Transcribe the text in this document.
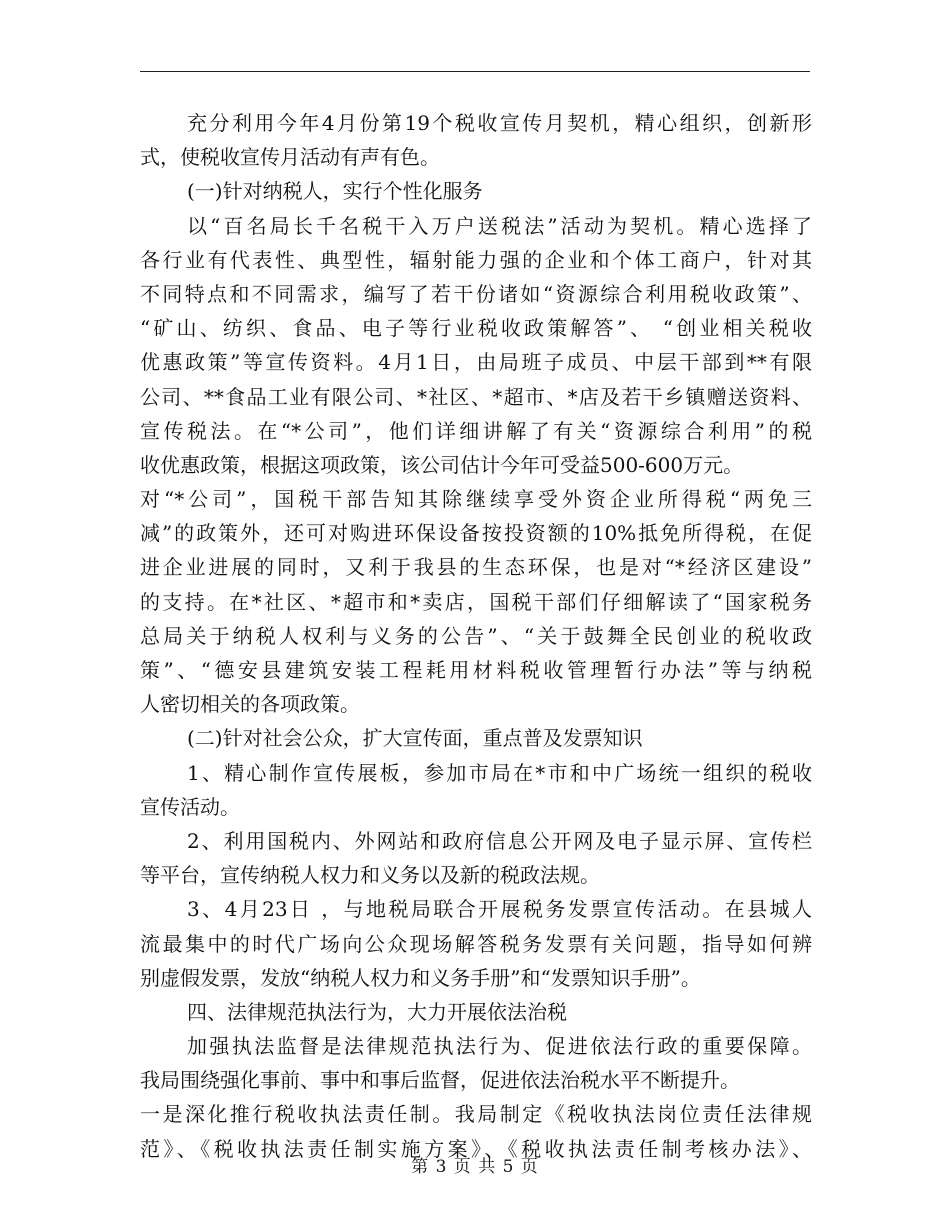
充分利用今年4月份第19个税收宣传月契机，精心组织，创新形
式，使税收宣传月活动有声有色。
(一)针对纳税人，实行个性化服务
以“百名局长千名税干入万户送税法”活动为契机。精心选择了
各行业有代表性、典型性，辐射能力强的企业和个体工商户，针对其
不同特点和不同需求，编写了若干份诸如“资源综合利用税收政策”、
“矿山、纺织、食品、电子等行业税收政策解答”、 “创业相关税收
优惠政策”等宣传资料。4月1日，由局班子成员、中层干部到**有限
公司、**食品工业有限公司、*社区、*超市、*店及若干乡镇赠送资料、
宣传税法。在“*公司”，他们详细讲解了有关“资源综合利用”的税
收优惠政策，根据这项政策，该公司估计今年可受益500-600万元。
对“*公司”，国税干部告知其除继续享受外资企业所得税“两免三
减”的政策外，还可对购进环保设备按投资额的10%抵免所得税，在促
进企业进展的同时，又利于我县的生态环保，也是对“*经济区建设”
的支持。在*社区、*超市和*卖店，国税干部们仔细解读了“国家税务
总局关于纳税人权利与义务的公告”、“关于鼓舞全民创业的税收政
策”、“德安县建筑安装工程耗用材料税收管理暂行办法”等与纳税
人密切相关的各项政策。
(二)针对社会公众，扩大宣传面，重点普及发票知识
1、精心制作宣传展板，参加市局在*市和中广场统一组织的税收
宣传活动。
2、利用国税内、外网站和政府信息公开网及电子显示屏、宣传栏
等平台，宣传纳税人权力和义务以及新的税政法规。
3、4月23日 ，与地税局联合开展税务发票宣传活动。在县城人
流最集中的时代广场向公众现场解答税务发票有关问题，指导如何辨
别虚假发票，发放“纳税人权力和义务手册”和“发票知识手册”。
四、法律规范执法行为，大力开展依法治税
加强执法监督是法律规范执法行为、促进依法行政的重要保障。
我局围绕强化事前、事中和事后监督，促进依法治税水平不断提升。
一是深化推行税收执法责任制。我局制定《税收执法岗位责任法律规
范》、《税收执法责任制实施方案》、《税收执法责任制考核办法》、
第 3 页 共 5 页
